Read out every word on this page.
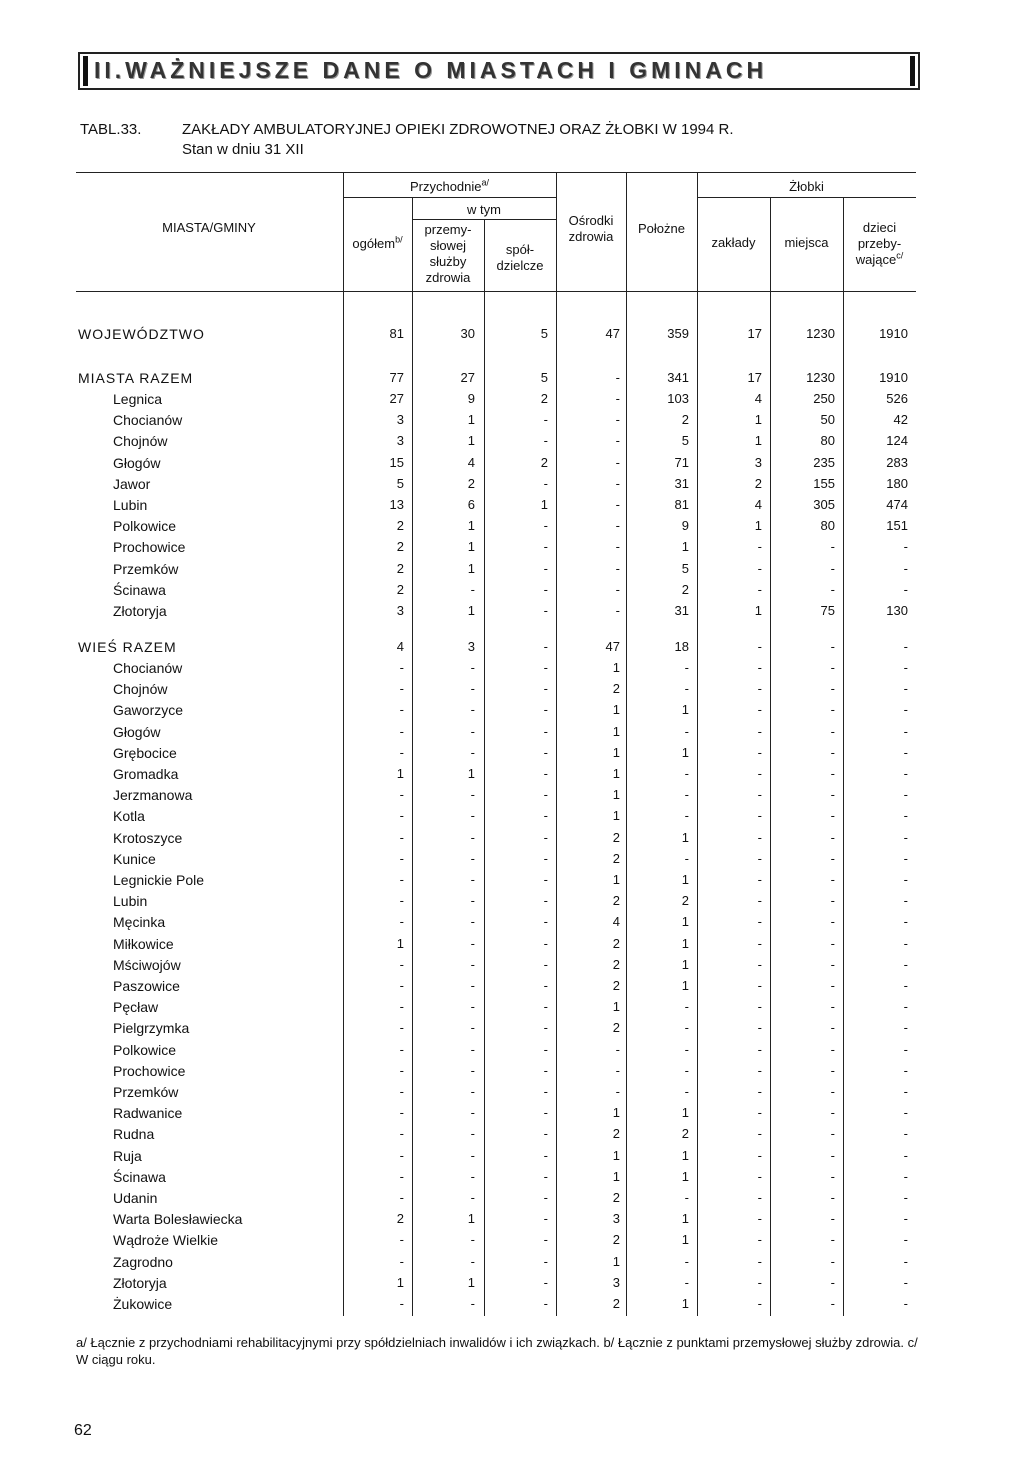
II.WAŻNIEJSZE DANE O MIASTACH I GMINACH
TABL.33.	ZAKŁADY AMBULATORYJNEJ OPIEKI ZDROWOTNEJ ORAZ ŻŁOBKI W 1994 R.
Stan w dniu 31 XII
MIASTA/GMINY
Przychodnie$^{a/}$
w tym
ogółem$^{b/}$
przemy-
słowej
służby
zdrowia
spół-
dzielcze
Ośrodki
zdrowia
Położne
Żłobki
zakłady	miejsca
dzieci
przeby-
wające$^{c/}$
WOJEWÓDZTWO	81	30	5	47	359	17	1230	1910
MIASTA RAZEM	77	27	5	-	341	17	1230	1910
Legnica	27	9	2	-	103	4	250	526
Chocianów	3	1	-	-	2	1	50	42
Chojnów	3	1	-	-	5	1	80	124
Głogów	15	4	2	-	71	3	235	283
Jawor	5	2	-	-	31	2	155	180
Lubin	13	6	1	-	81	4	305	474
Polkowice	2	1	-	-	9	1	80	151
Prochowice	2	1	-	-	1	-	-	-
Przemków	2	1	-	-	5	-	-	-
Ścinawa	2	-	-	-	2	-	-	-
Złotoryja	3	1	-	-	31	1	75	130
WIEŚ RAZEM	4	3	-	47	18	-	-	-
Chocianów	-	-	-	1	-	-	-	-
Chojnów	-	-	-	2	-	-	-	-
Gaworzyce	-	-	-	1	1	-	-	-
Głogów	-	-	-	1	-	-	-	-
Grębocice	-	-	-	1	1	-	-	-
Gromadka	1	1	-	1	-	-	-	-
Jerzmanowa	-	-	-	1	-	-	-	-
Kotla	-	-	-	1	-	-	-	-
Krotoszyce	-	-	-	2	1	-	-	-
Kunice	-	-	-	2	-	-	-	-
Legnickie Pole	-	-	-	1	1	-	-	-
Lubin	-	-	-	2	2	-	-	-
Męcinka	-	-	-	4	1	-	-	-
Miłkowice	1	-	-	2	1	-	-	-
Mściwojów	-	-	-	2	1	-	-	-
Paszowice	-	-	-	2	1	-	-	-
Pęcław	-	-	-	1	-	-	-	-
Pielgrzymka	-	-	-	2	-	-	-	-
Polkowice	-	-	-	-	-	-	-	-
Prochowice	-	-	-	-	-	-	-	-
Przemków	-	-	-	-	-	-	-	-
Radwanice	-	-	-	1	1	-	-	-
Rudna	-	-	-	2	2	-	-	-
Ruja	-	-	-	1	1	-	-	-
Ścinawa	-	-	-	1	1	-	-	-
Udanin	-	-	-	2	-	-	-	-
Warta Bolesławiecka	2	1	-	3	1	-	-	-
Wądroże Wielkie	-	-	-	2	1	-	-	-
Zagrodno	-	-	-	1	-	-	-	-
Złotoryja	1	1	-	3	-	-	-	-
Żukowice	-	-	-	2	1	-	-	-
a/ Łącznie z przychodniami rehabilitacyjnymi przy spółdzielniach inwalidów i ich związkach. b/ Łącznie z punktami przemysłowej służby zdrowia. c/ W ciągu roku.
62
